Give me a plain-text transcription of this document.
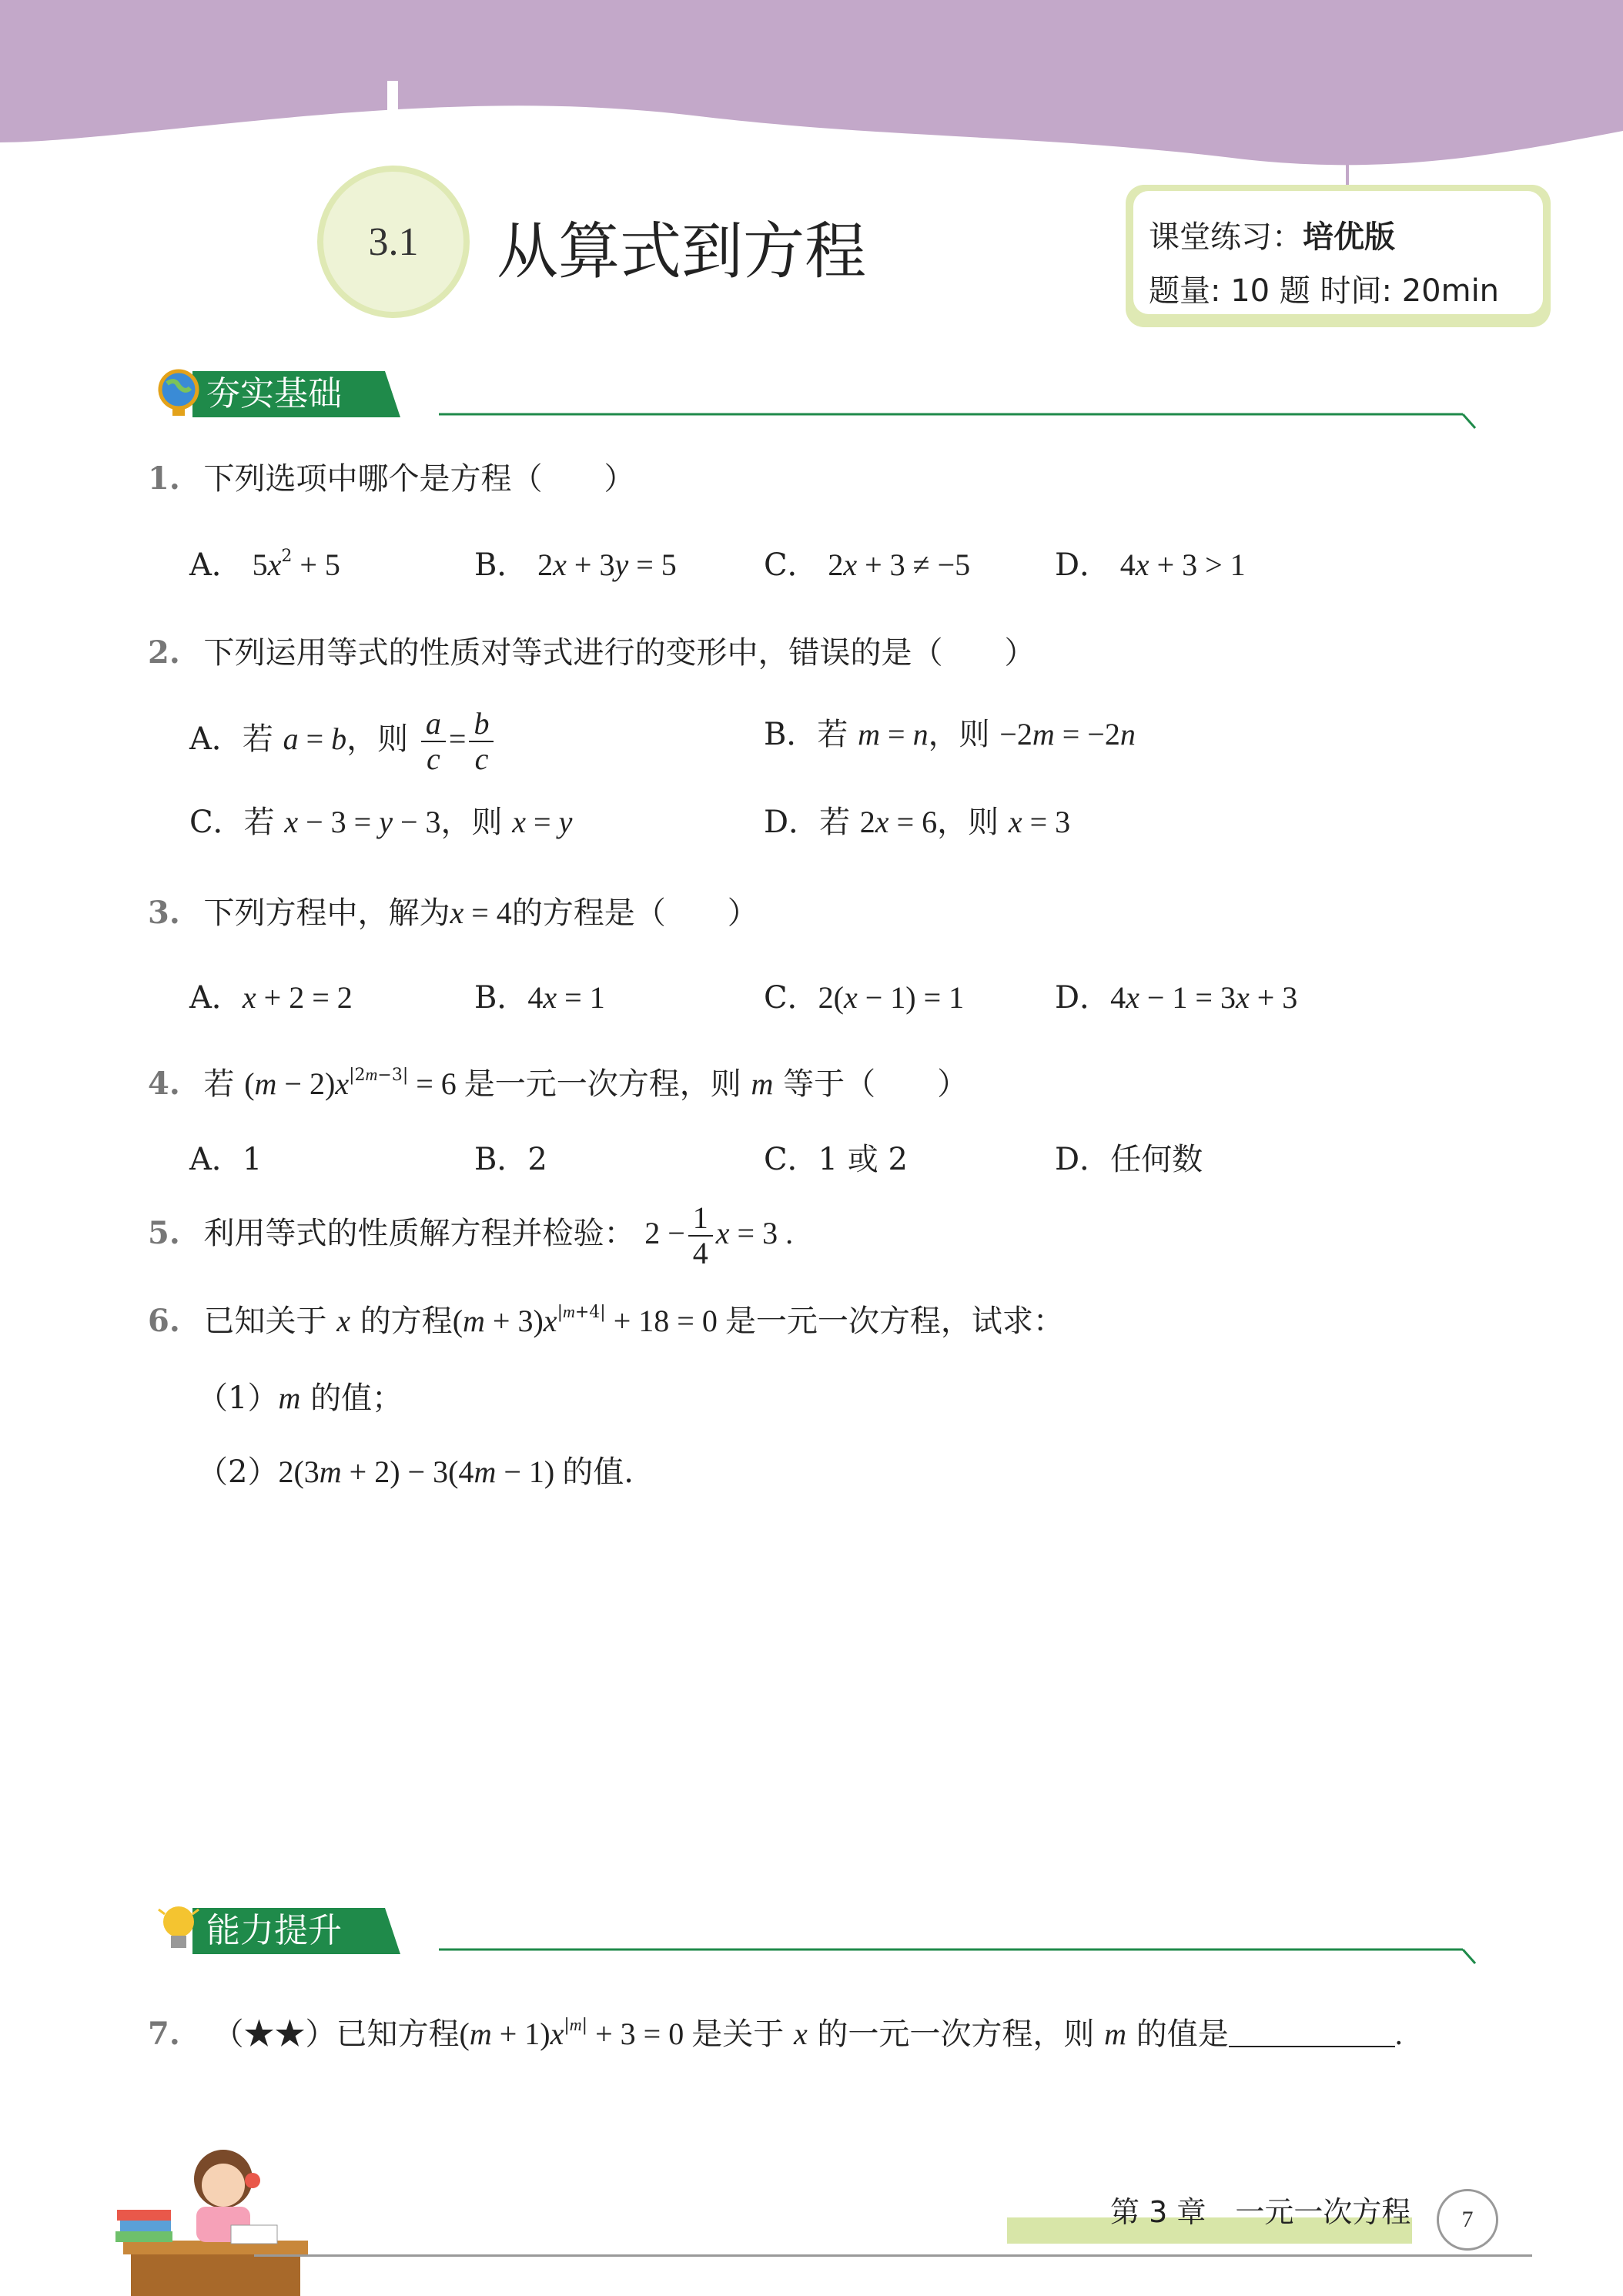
3.1 从算式到方程	课堂练习：培优版
题量: 10 题 时间: 20min
夯实基础
1. 下列选项中哪个是方程（　　）
A． $5x^2 + 5$	B． 2x + 3y = 5	C． 2x + 3 ≠ −5	D． 4x + 3 > 1
2. 下列运用等式的性质对等式进行的变形中，错误的是（　　）
A．若 a = b，则 $\frac{a}{c} = \frac{b}{c}$	B．若 m = n，则 −2m = −2n
C．若 x − 3 = y − 3，则 x = y	D．若 2x = 6，则 x = 3
3. 下列方程中，解为x = 4的方程是（　　）
A．x + 2 = 2	B．4x = 1	C．2(x − 1) = 1	D．4x − 1 = 3x + 3
4. 若 $(m - 2)x^{|2m-3|} = 6$ 是一元一次方程，则 m 等于（　　）
A．1	B．2	C．1 或 2	D．任何数
5. 利用等式的性质解方程并检验： $2 - \frac{1}{4}$ x = 3 .
6. 已知关于 x 的方程$(m + 3)x^{|m+4|} + 18 = 0$ 是一元一次方程，试求：
（1）m 的值；
（2）2(3m + 2) − 3(4m − 1) 的值.
能力提升
7. （★★）已知方程$(m + 1)x^{|m|} + 3 = 0$ 是关于 x 的一元一次方程，则 m 的值是	.
第 3 章　一元一次方程 7
